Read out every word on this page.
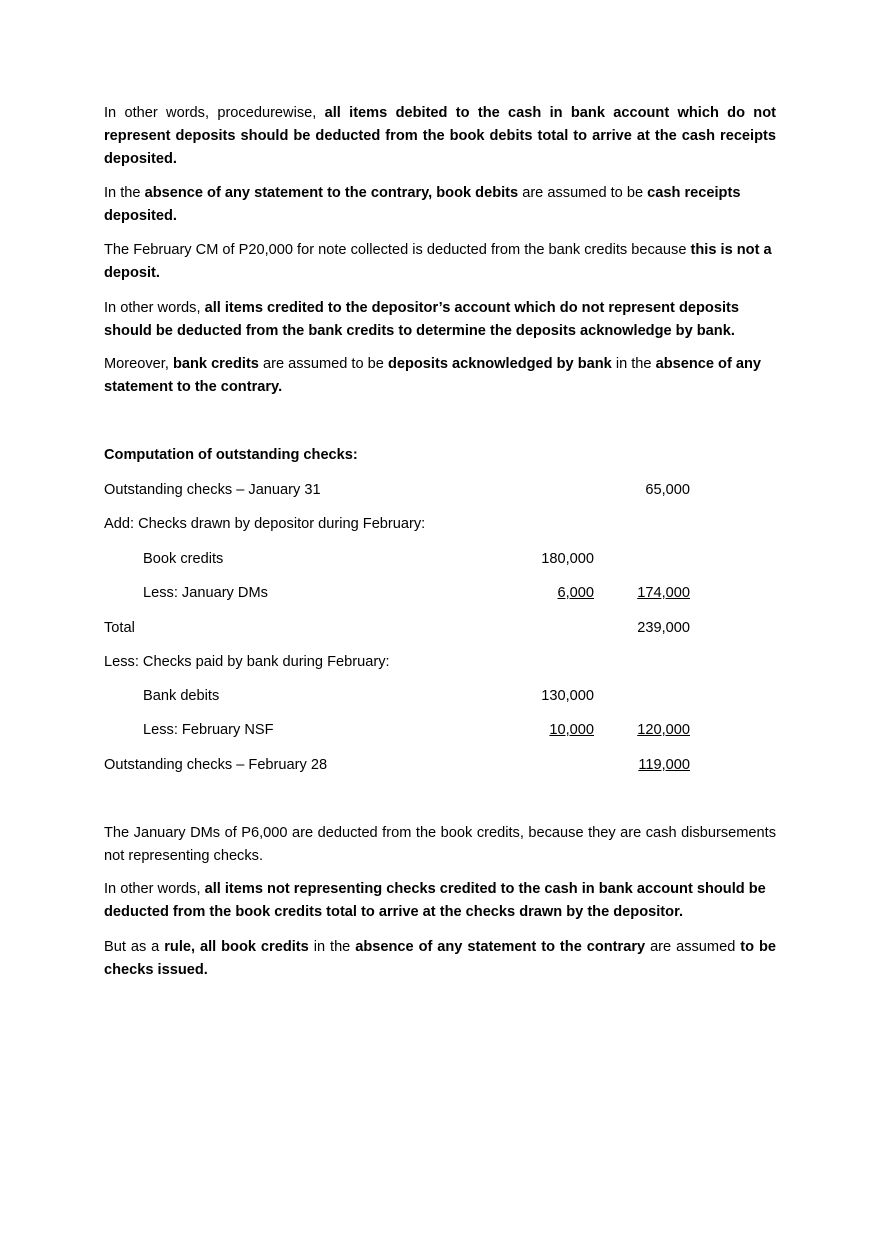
In other words, procedurewise, all items debited to the cash in bank account which do not represent deposits should be deducted from the book debits total to arrive at the cash receipts deposited.

In the absence of any statement to the contrary, book debits are assumed to be cash receipts deposited.

The February CM of P20,000 for note collected is deducted from the bank credits because this is not a deposit.

In other words, all items credited to the depositor’s account which do not represent deposits should be deducted from the bank credits to determine the deposits acknowledge by bank.

Moreover, bank credits are assumed to be deposits acknowledged by bank in the absence of any statement to the contrary.

Computation of outstanding checks:
Outstanding checks – January 31	65,000
Add: Checks drawn by depositor during February:
Book credits	180,000
Less: January DMs	6,000	174,000
Total	239,000
Less: Checks paid by bank during February:
Bank debits	130,000
Less: February NSF	10,000	120,000
Outstanding checks – February 28	119,000

The January DMs of P6,000 are deducted from the book credits, because they are cash disbursements not representing checks.

In other words, all items not representing checks credited to the cash in bank account should be deducted from the book credits total to arrive at the checks drawn by the depositor.

But as a rule, all book credits in the absence of any statement to the contrary are assumed to be checks issued.
